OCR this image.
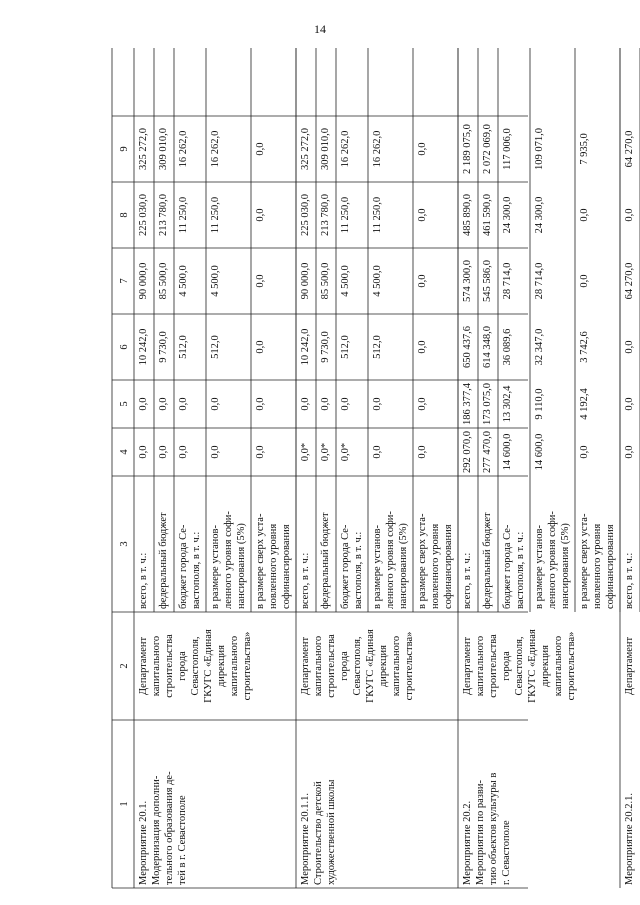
14
1
2
3
4
5
6
7
8
9
всего, в т. ч.:
0,0
0,0
10 242,0
90 000,0
225 030,0
325 272,0
федеральный бюджет
0,0
0,0
9 730,0
85 500,0
213 780,0
309 010,0
бюджет города Се- вастополя, в т. ч.:
0,0
0,0
512,0
4 500,0
11 250,0
16 262,0
в размере установ- ленного уровня софи- нансирования (5%)
0,0
0,0
512,0
4 500,0
11 250,0
16 262,0
в размере сверх уста- новленного уровня софинансирования
0,0
0,0
0,0
0,0
0,0
0,0
Мероприятие 20.1. Модернизация дополни- тельного образования де- тей в г. Севастополе
Департамент капитального строительства города Севастополя, ГКУГС «Единая дирекция капитального строительства»
всего, в т. ч.:
0,0*
0,0
10 242,0
90 000,0
225 030,0
325 272,0
федеральный бюджет
0,0*
0,0
9 730,0
85 500,0
213 780,0
309 010,0
бюджет города Се- вастополя, в т. ч.:
0,0*
0,0
512,0
4 500,0
11 250,0
16 262,0
в размере установ- ленного уровня софи- нансирования (5%)
0,0
0,0
512,0
4 500,0
11 250,0
16 262,0
в размере сверх уста- новленного уровня софинансирования
0,0
0,0
0,0
0,0
0,0
0,0
Мероприятие 20.1.1. Строительство детской художественной школы
Департамент капитального строительства города Севастополя, ГКУГС «Единая дирекция капитального строительства»
всего, в т. ч.:
292 070,0
186 377,4
650 437,6
574 300,0
485 890,0
2 189 075,0
федеральный бюджет
277 470,0
173 075,0
614 348,0
545 586,0
461 590,0
2 072 069,0
бюджет города Се- вастополя, в т. ч.:
14 600,0
13 302,4
36 089,6
28 714,0
24 300,0
117 006,0
в размере установ- ленного уровня софи- нансирования (5%)
14 600,0
9 110,0
32 347,0
28 714,0
24 300,0
109 071,0
в размере сверх уста- новленного уровня софинансирования
0,0
4 192,4
3 742,6
0,0
0,0
7 935,0
Мероприятие 20.2. Мероприятия по разви- тию объектов культуры в г. Севастополе
Департамент капитального строительства города Севастополя, ГКУГС «Единая дирекция капитального строительства»
всего, в т. ч.:
0,0
0,0
0,0
64 270,0
0,0
64 270,0
Мероприятие 20.2.1.
Департамент
